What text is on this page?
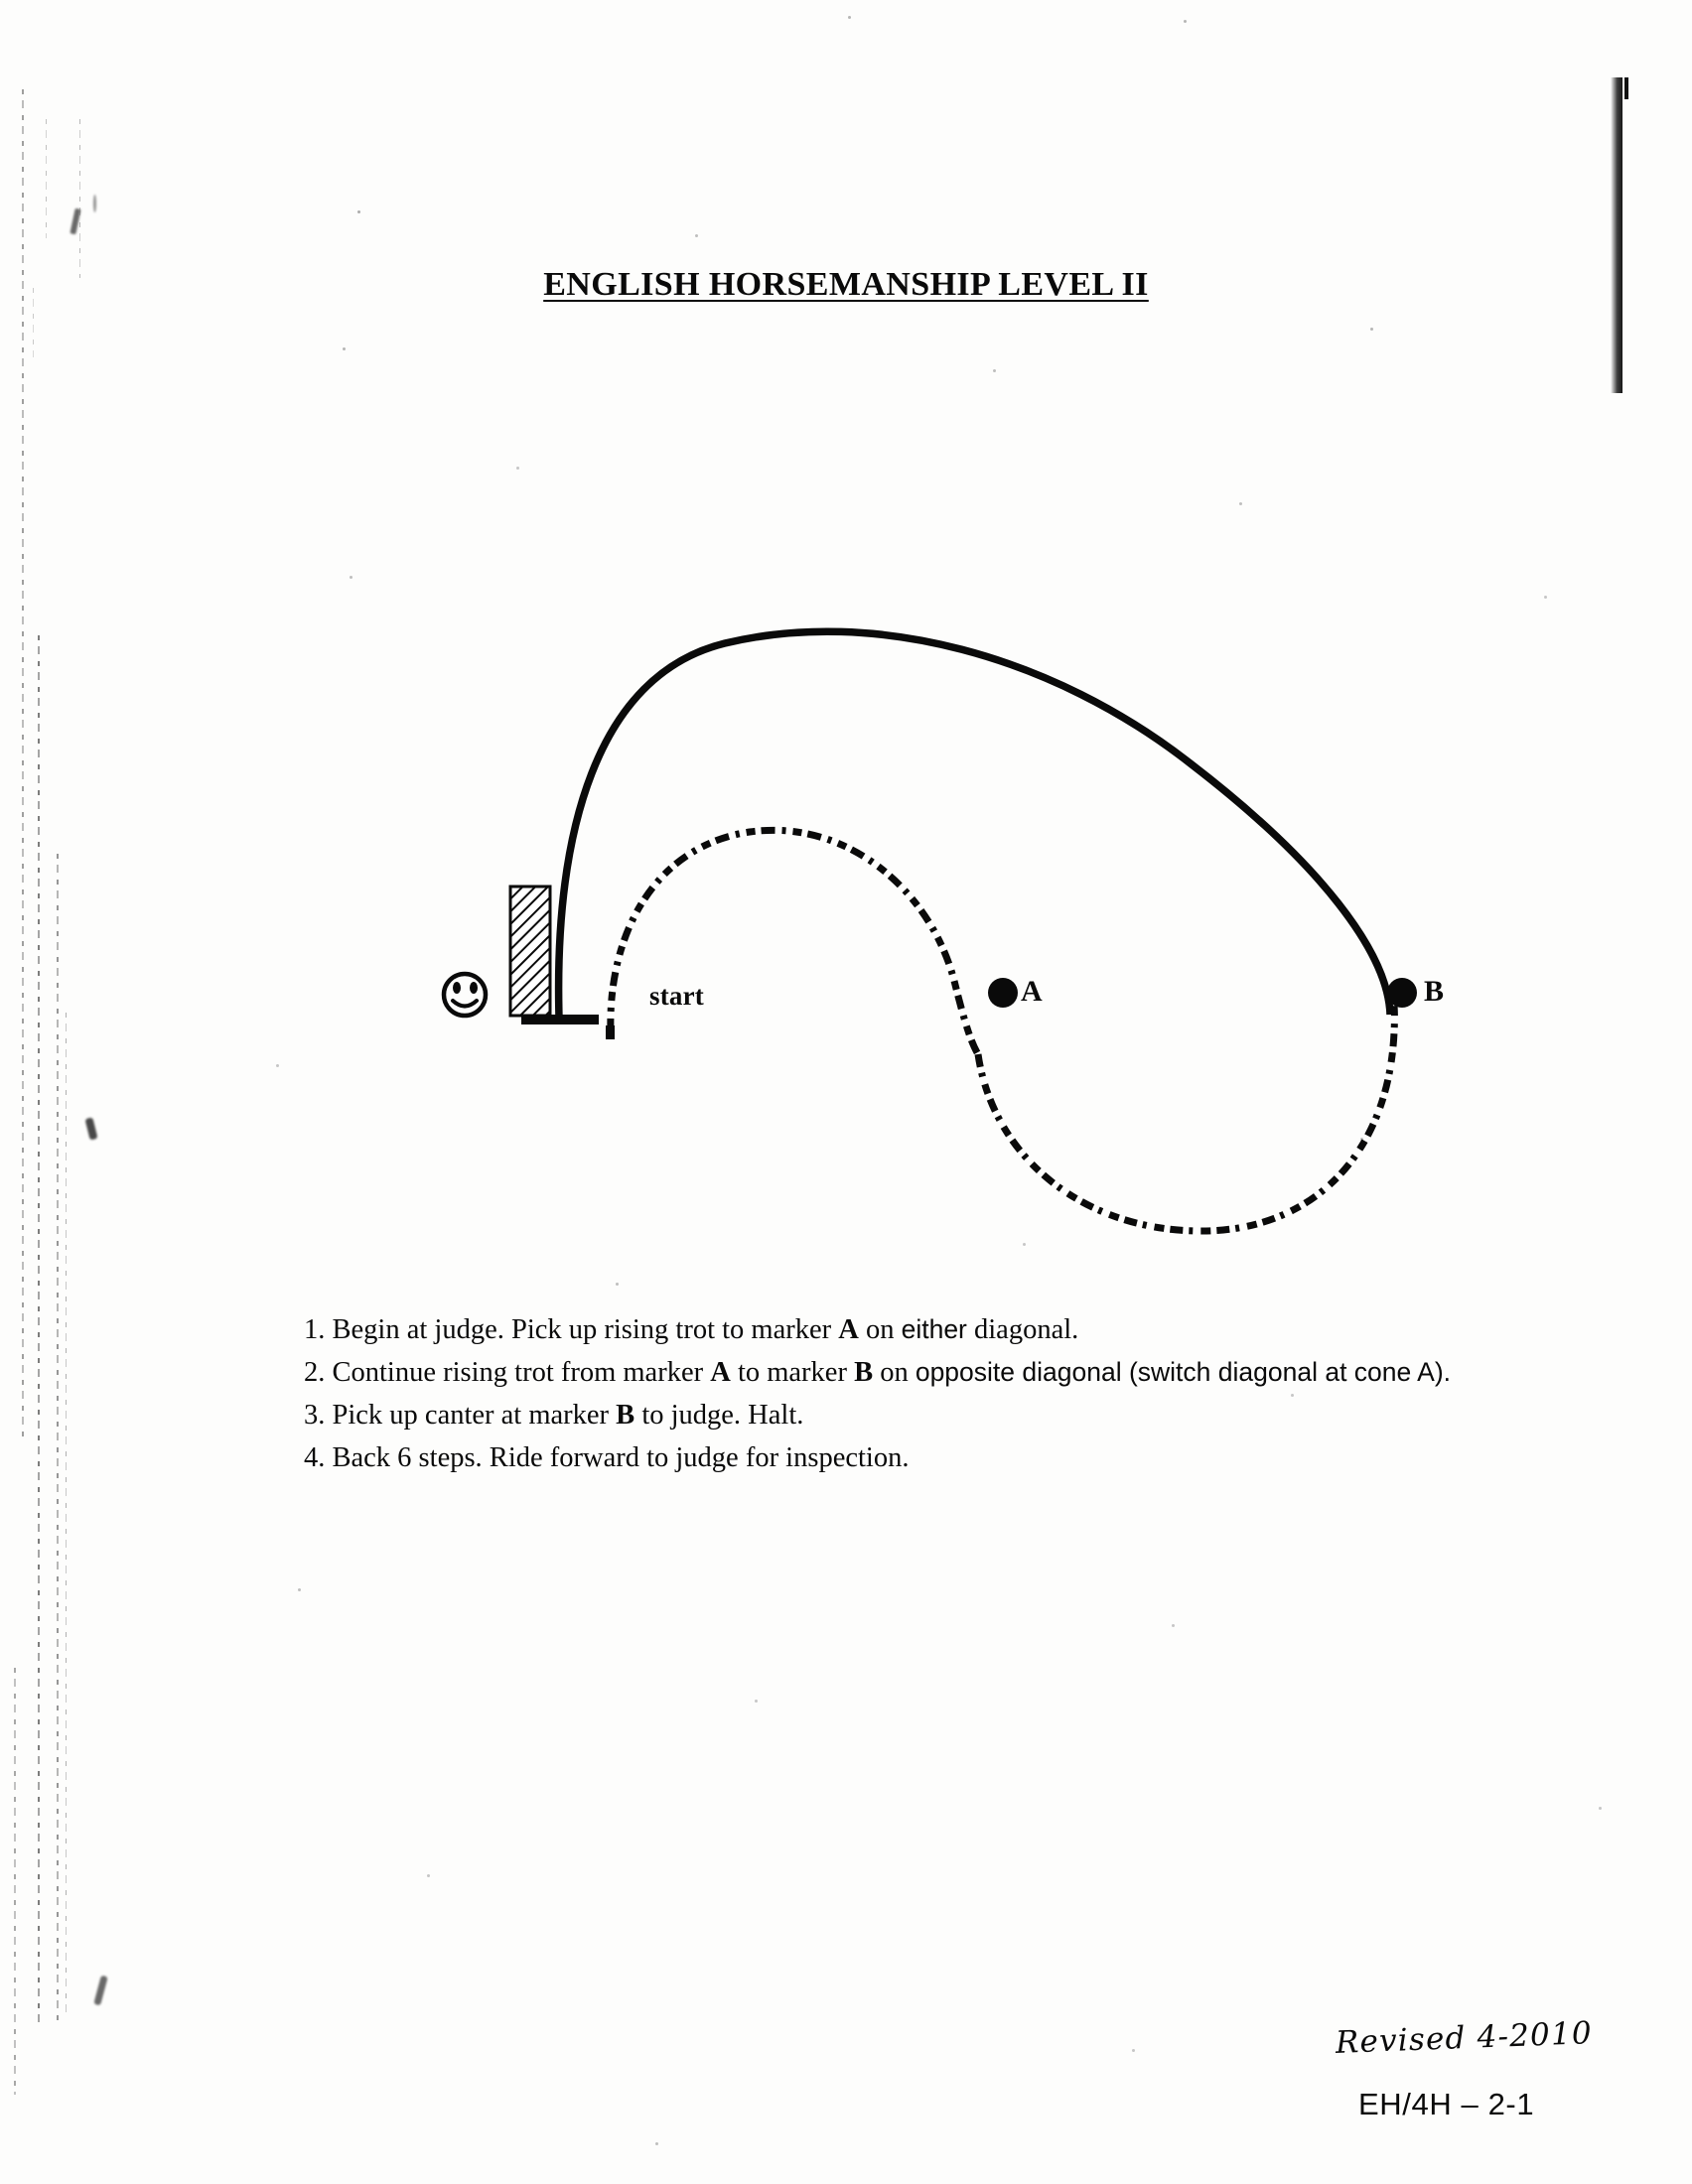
ENGLISH HORSEMANSHIP LEVEL II
start	A	B
1. Begin at judge. Pick up rising trot to marker A on either diagonal.
2. Continue rising trot from marker A to marker B on opposite diagonal (switch diagonal at cone A).
3. Pick up canter at marker B to judge. Halt.
4. Back 6 steps. Ride forward to judge for inspection.
Revised 4-2010
EH/4H – 2-1
